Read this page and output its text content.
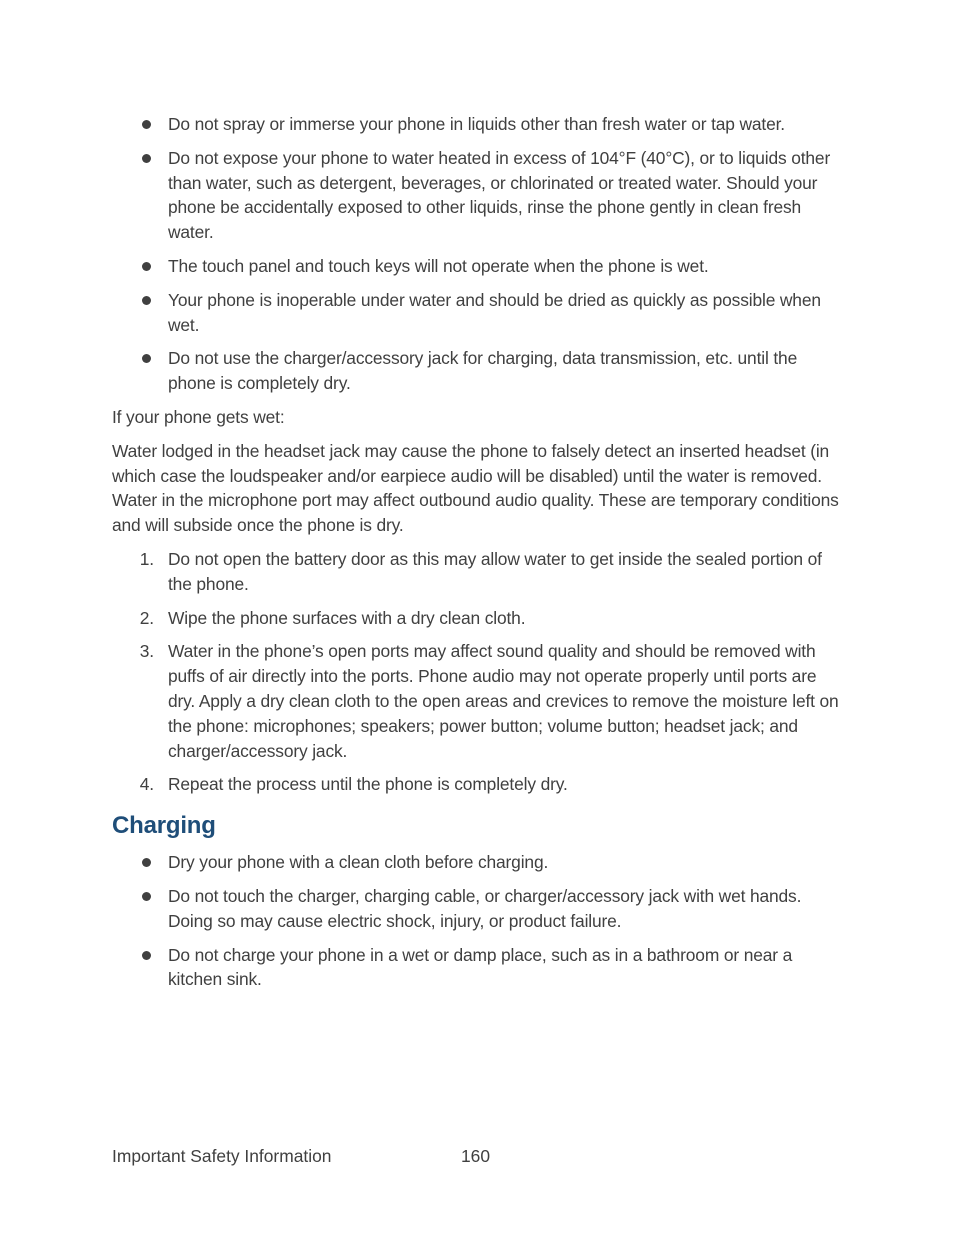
Do not spray or immerse your phone in liquids other than fresh water or tap water.
Do not expose your phone to water heated in excess of 104°F (40°C), or to liquids other than water, such as detergent, beverages, or chlorinated or treated water. Should your phone be accidentally exposed to other liquids, rinse the phone gently in clean fresh water.
The touch panel and touch keys will not operate when the phone is wet.
Your phone is inoperable under water and should be dried as quickly as possible when wet.
Do not use the charger/accessory jack for charging, data transmission, etc. until the phone is completely dry.

If your phone gets wet:

Water lodged in the headset jack may cause the phone to falsely detect an inserted headset (in which case the loudspeaker and/or earpiece audio will be disabled) until the water is removed. Water in the microphone port may affect outbound audio quality. These are temporary conditions and will subside once the phone is dry.

1. Do not open the battery door as this may allow water to get inside the sealed portion of the phone.
2. Wipe the phone surfaces with a dry clean cloth.
3. Water in the phone’s open ports may affect sound quality and should be removed with puffs of air directly into the ports. Phone audio may not operate properly until ports are dry. Apply a dry clean cloth to the open areas and crevices to remove the moisture left on the phone: microphones; speakers; power button; volume button; headset jack; and charger/accessory jack.
4. Repeat the process until the phone is completely dry.
Charging
Dry your phone with a clean cloth before charging.
Do not touch the charger, charging cable, or charger/accessory jack with wet hands. Doing so may cause electric shock, injury, or product failure.
Do not charge your phone in a wet or damp place, such as in a bathroom or near a kitchen sink.
Important Safety Information	160
